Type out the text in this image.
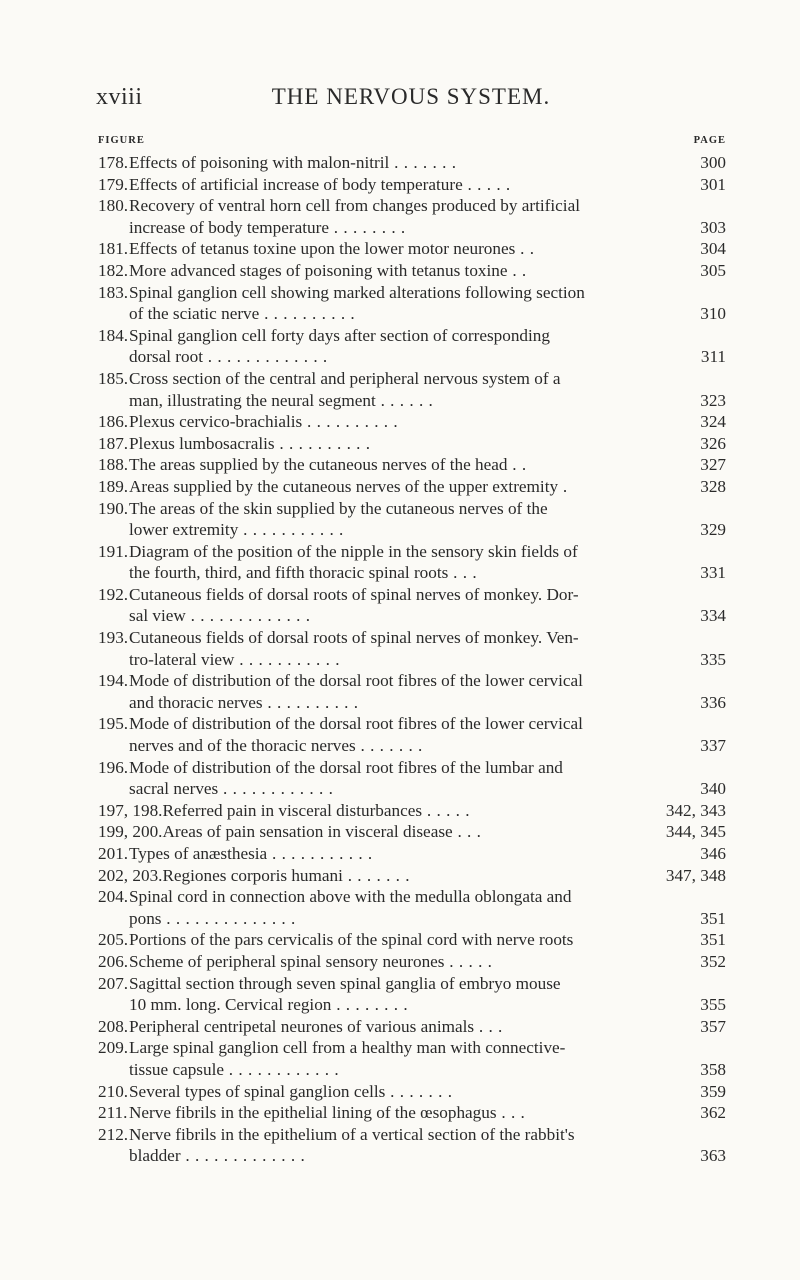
xviii	THE NERVOUS SYSTEM.
FIGURE	PAGE
178.Effects of poisoning with malon-nitril . . . . . . .	300
179.Effects of artificial increase of body temperature . . . . .	301
180.Recovery of ventral horn cell from changes produced by artificial
increase of body temperature . . . . . . . .	303
181.Effects of tetanus toxine upon the lower motor neurones . .	304
182.More advanced stages of poisoning with tetanus toxine . .	305
183.Spinal ganglion cell showing marked alterations following section
of the sciatic nerve . . . . . . . . . .	310
184.Spinal ganglion cell forty days after section of corresponding
dorsal root . . . . . . . . . . . . .	311
185.Cross section of the central and peripheral nervous system of a
man, illustrating the neural segment . . . . . .	323
186.Plexus cervico-brachialis . . . . . . . . . .	324
187.Plexus lumbosacralis . . . . . . . . . .	326
188.The areas supplied by the cutaneous nerves of the head . .	327
189.Areas supplied by the cutaneous nerves of the upper extremity .	328
190.The areas of the skin supplied by the cutaneous nerves of the
lower extremity . . . . . . . . . . .	329
191.Diagram of the position of the nipple in the sensory skin fields of
the fourth, third, and fifth thoracic spinal roots . . .	331
192.Cutaneous fields of dorsal roots of spinal nerves of monkey. Dor-
sal view . . . . . . . . . . . . .	334
193.Cutaneous fields of dorsal roots of spinal nerves of monkey. Ven-
tro-lateral view . . . . . . . . . . .	335
194.Mode of distribution of the dorsal root fibres of the lower cervical
and thoracic nerves . . . . . . . . . .	336
195.Mode of distribution of the dorsal root fibres of the lower cervical
nerves and of the thoracic nerves . . . . . . .	337
196.Mode of distribution of the dorsal root fibres of the lumbar and
sacral nerves . . . . . . . . . . . .	340
197, 198.Referred pain in visceral disturbances . . . . .	342, 343
199, 200.Areas of pain sensation in visceral disease . . .	344, 345
201.Types of anæsthesia . . . . . . . . . . .	346
202, 203.Regiones corporis humani . . . . . . .	347, 348
204.Spinal cord in connection above with the medulla oblongata and
pons . . . . . . . . . . . . . .	351
205.Portions of the pars cervicalis of the spinal cord with nerve roots	351
206.Scheme of peripheral spinal sensory neurones . . . . .	352
207.Sagittal section through seven spinal ganglia of embryo mouse
10 mm. long. Cervical region . . . . . . . .	355
208.Peripheral centripetal neurones of various animals . . .	357
209.Large spinal ganglion cell from a healthy man with connective-
tissue capsule . . . . . . . . . . . .	358
210.Several types of spinal ganglion cells . . . . . . .	359
211.Nerve fibrils in the epithelial lining of the œsophagus . . .	362
212.Nerve fibrils in the epithelium of a vertical section of the rabbit's
bladder . . . . . . . . . . . . .	363
